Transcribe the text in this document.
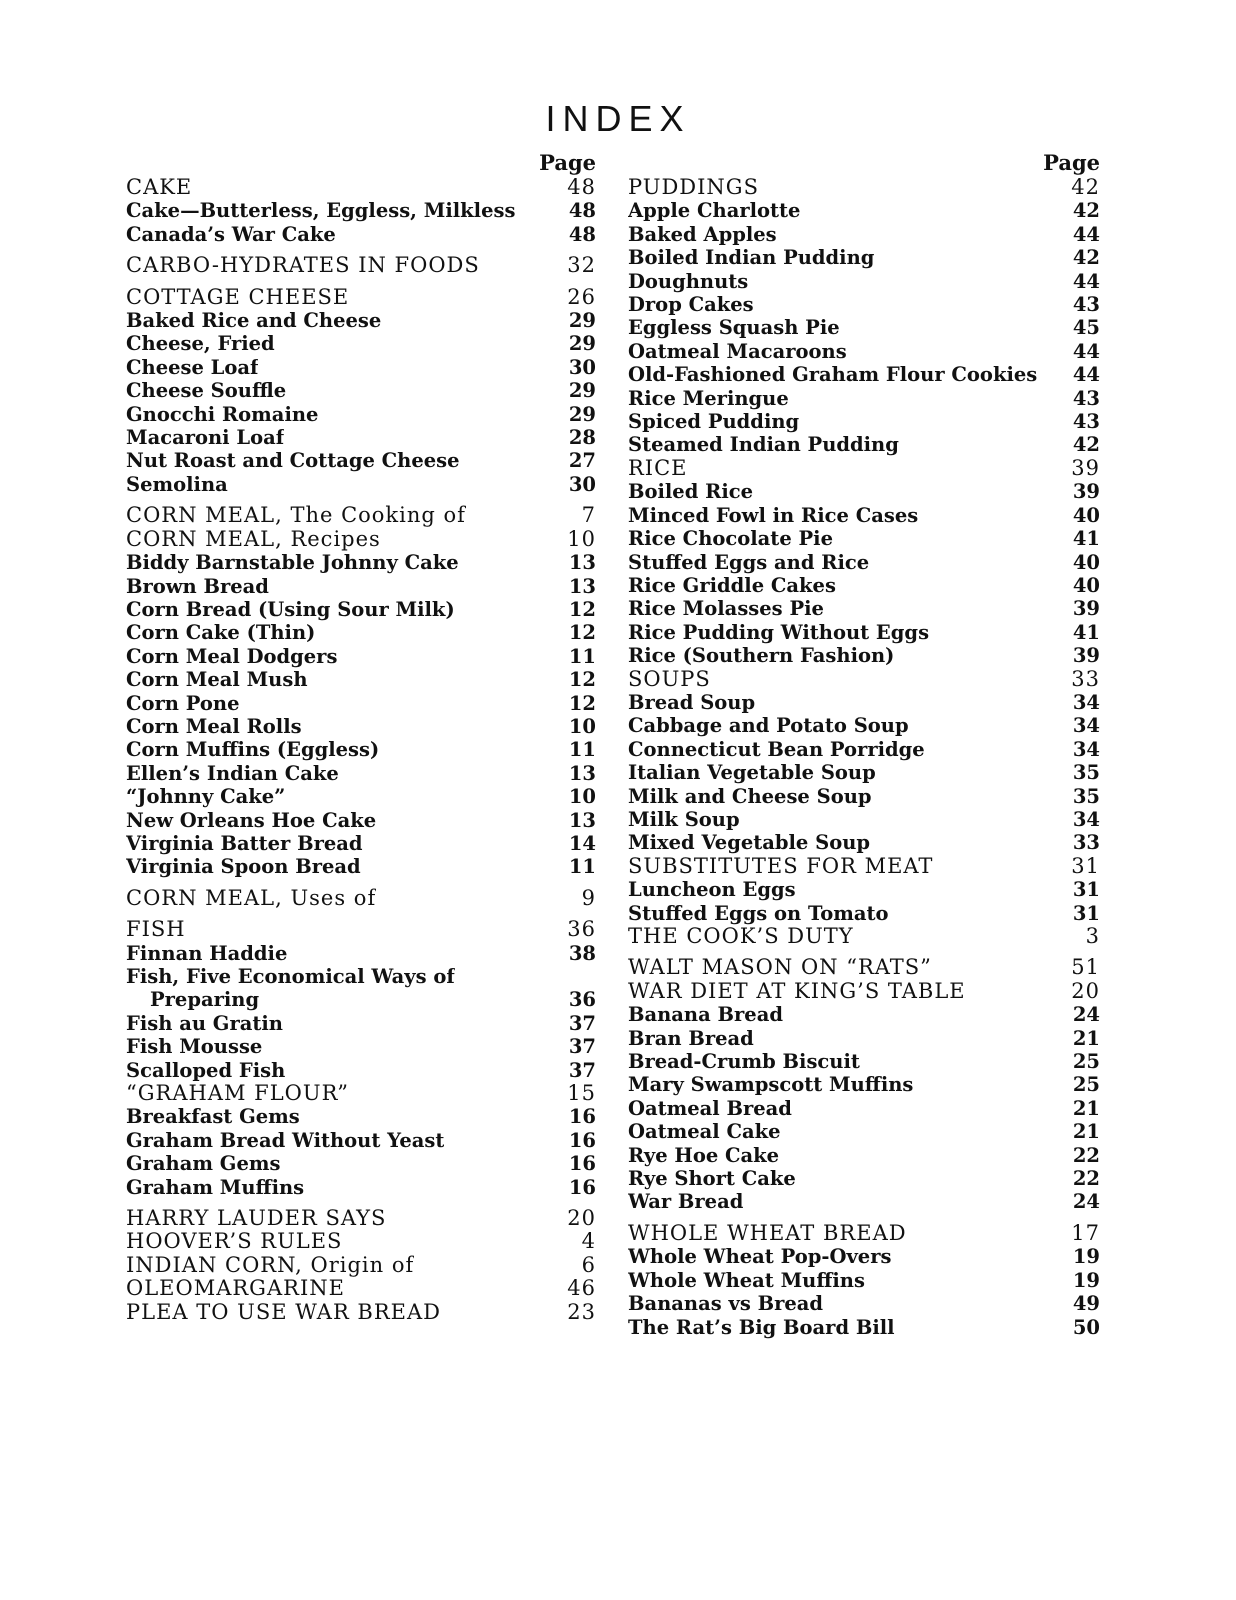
INDEX
Page
CAKE	48
Cake—Butterless, Eggless, Milkless	48
Canada’s War Cake	48
CARBO-HYDRATES IN FOODS	32
COTTAGE CHEESE	26
Baked Rice and Cheese	29
Cheese, Fried	29
Cheese Loaf	30
Cheese Souffle	29
Gnocchi Romaine	29
Macaroni Loaf	28
Nut Roast and Cottage Cheese	27
Semolina	30
CORN MEAL, The Cooking of	7
CORN MEAL, Recipes	10
Biddy Barnstable Johnny Cake	13
Brown Bread	13
Corn Bread (Using Sour Milk)	12
Corn Cake (Thin)	12
Corn Meal Dodgers	11
Corn Meal Mush	12
Corn Pone	12
Corn Meal Rolls	10
Corn Muffins (Eggless)	11
Ellen’s Indian Cake	13
“Johnny Cake”	10
New Orleans Hoe Cake	13
Virginia Batter Bread	14
Virginia Spoon Bread	11
CORN MEAL, Uses of	9
FISH	36
Finnan Haddie	38
Fish, Five Economical Ways of
Preparing	36
Fish au Gratin	37
Fish Mousse	37
Scalloped Fish	37
“GRAHAM FLOUR”	15
Breakfast Gems	16
Graham Bread Without Yeast	16
Graham Gems	16
Graham Muffins	16
HARRY LAUDER SAYS	20
HOOVER’S RULES	4
INDIAN CORN, Origin of	6
OLEOMARGARINE	46
PLEA TO USE WAR BREAD	23
Page
PUDDINGS	42
Apple Charlotte	42
Baked Apples	44
Boiled Indian Pudding	42
Doughnuts	44
Drop Cakes	43
Eggless Squash Pie	45
Oatmeal Macaroons	44
Old-Fashioned Graham Flour Cookies	44
Rice Meringue	43
Spiced Pudding	43
Steamed Indian Pudding	42
RICE	39
Boiled Rice	39
Minced Fowl in Rice Cases	40
Rice Chocolate Pie	41
Stuffed Eggs and Rice	40
Rice Griddle Cakes	40
Rice Molasses Pie	39
Rice Pudding Without Eggs	41
Rice (Southern Fashion)	39
SOUPS	33
Bread Soup	34
Cabbage and Potato Soup	34
Connecticut Bean Porridge	34
Italian Vegetable Soup	35
Milk and Cheese Soup	35
Milk Soup	34
Mixed Vegetable Soup	33
SUBSTITUTES FOR MEAT	31
Luncheon Eggs	31
Stuffed Eggs on Tomato	31
THE COOK’S DUTY	3
WALT MASON ON “RATS”	51
WAR DIET AT KING’S TABLE	20
Banana Bread	24
Bran Bread	21
Bread-Crumb Biscuit	25
Mary Swampscott Muffins	25
Oatmeal Bread	21
Oatmeal Cake	21
Rye Hoe Cake	22
Rye Short Cake	22
War Bread	24
WHOLE WHEAT BREAD	17
Whole Wheat Pop-Overs	19
Whole Wheat Muffins	19
Bananas vs Bread	49
The Rat’s Big Board Bill	50
